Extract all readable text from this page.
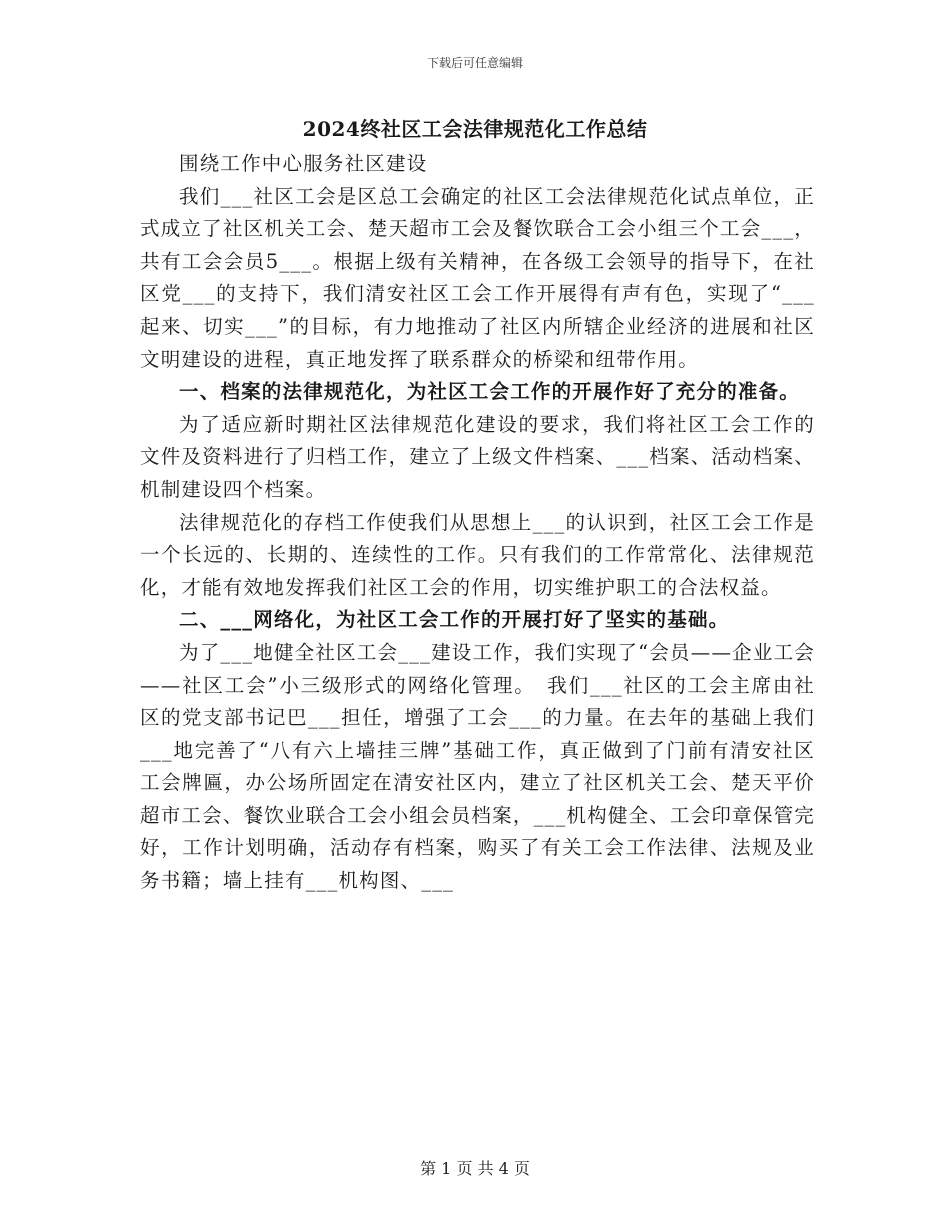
下载后可任意编辑
2024终社区工会法律规范化工作总结

围绕工作中心服务社区建设

我们___社区工会是区总工会确定的社区工会法律规范化试点单位，正式成立了社区机关工会、楚天超市工会及餐饮联合工会小组三个工会___，共有工会会员5___。根据上级有关精神，在各级工会领导的指导下，在社区党___的支持下，我们清安社区工会工作开展得有声有色，实现了“___起来、切实___”的目标，有力地推动了社区内所辖企业经济的进展和社区文明建设的进程，真正地发挥了联系群众的桥梁和纽带作用。

一、档案的法律规范化，为社区工会工作的开展作好了充分的准备。

为了适应新时期社区法律规范化建设的要求，我们将社区工会工作的文件及资料进行了归档工作，建立了上级文件档案、___档案、活动档案、机制建设四个档案。

法律规范化的存档工作使我们从思想上___的认识到，社区工会工作是一个长远的、长期的、连续性的工作。只有我们的工作常常化、法律规范化，才能有效地发挥我们社区工会的作用，切实维护职工的合法权益。

二、___网络化，为社区工会工作的开展打好了坚实的基础。

为了___地健全社区工会___建设工作，我们实现了“会员——企业工会——社区工会”小三级形式的网络化管理。　我们___社区的工会主席由社区的党支部书记巴___担任，增强了工会___的力量。在去年的基础上我们___地完善了“八有六上墙挂三牌”基础工作，真正做到了门前有清安社区工会牌匾，办公场所固定在清安社区内，建立了社区机关工会、楚天平价超市工会、餐饮业联合工会小组会员档案，___机构健全、工会印章保管完好，工作计划明确，活动存有档案，购买了有关工会工作法律、法规及业务书籍；墙上挂有___机构图、___

第 1 页 共 4 页
